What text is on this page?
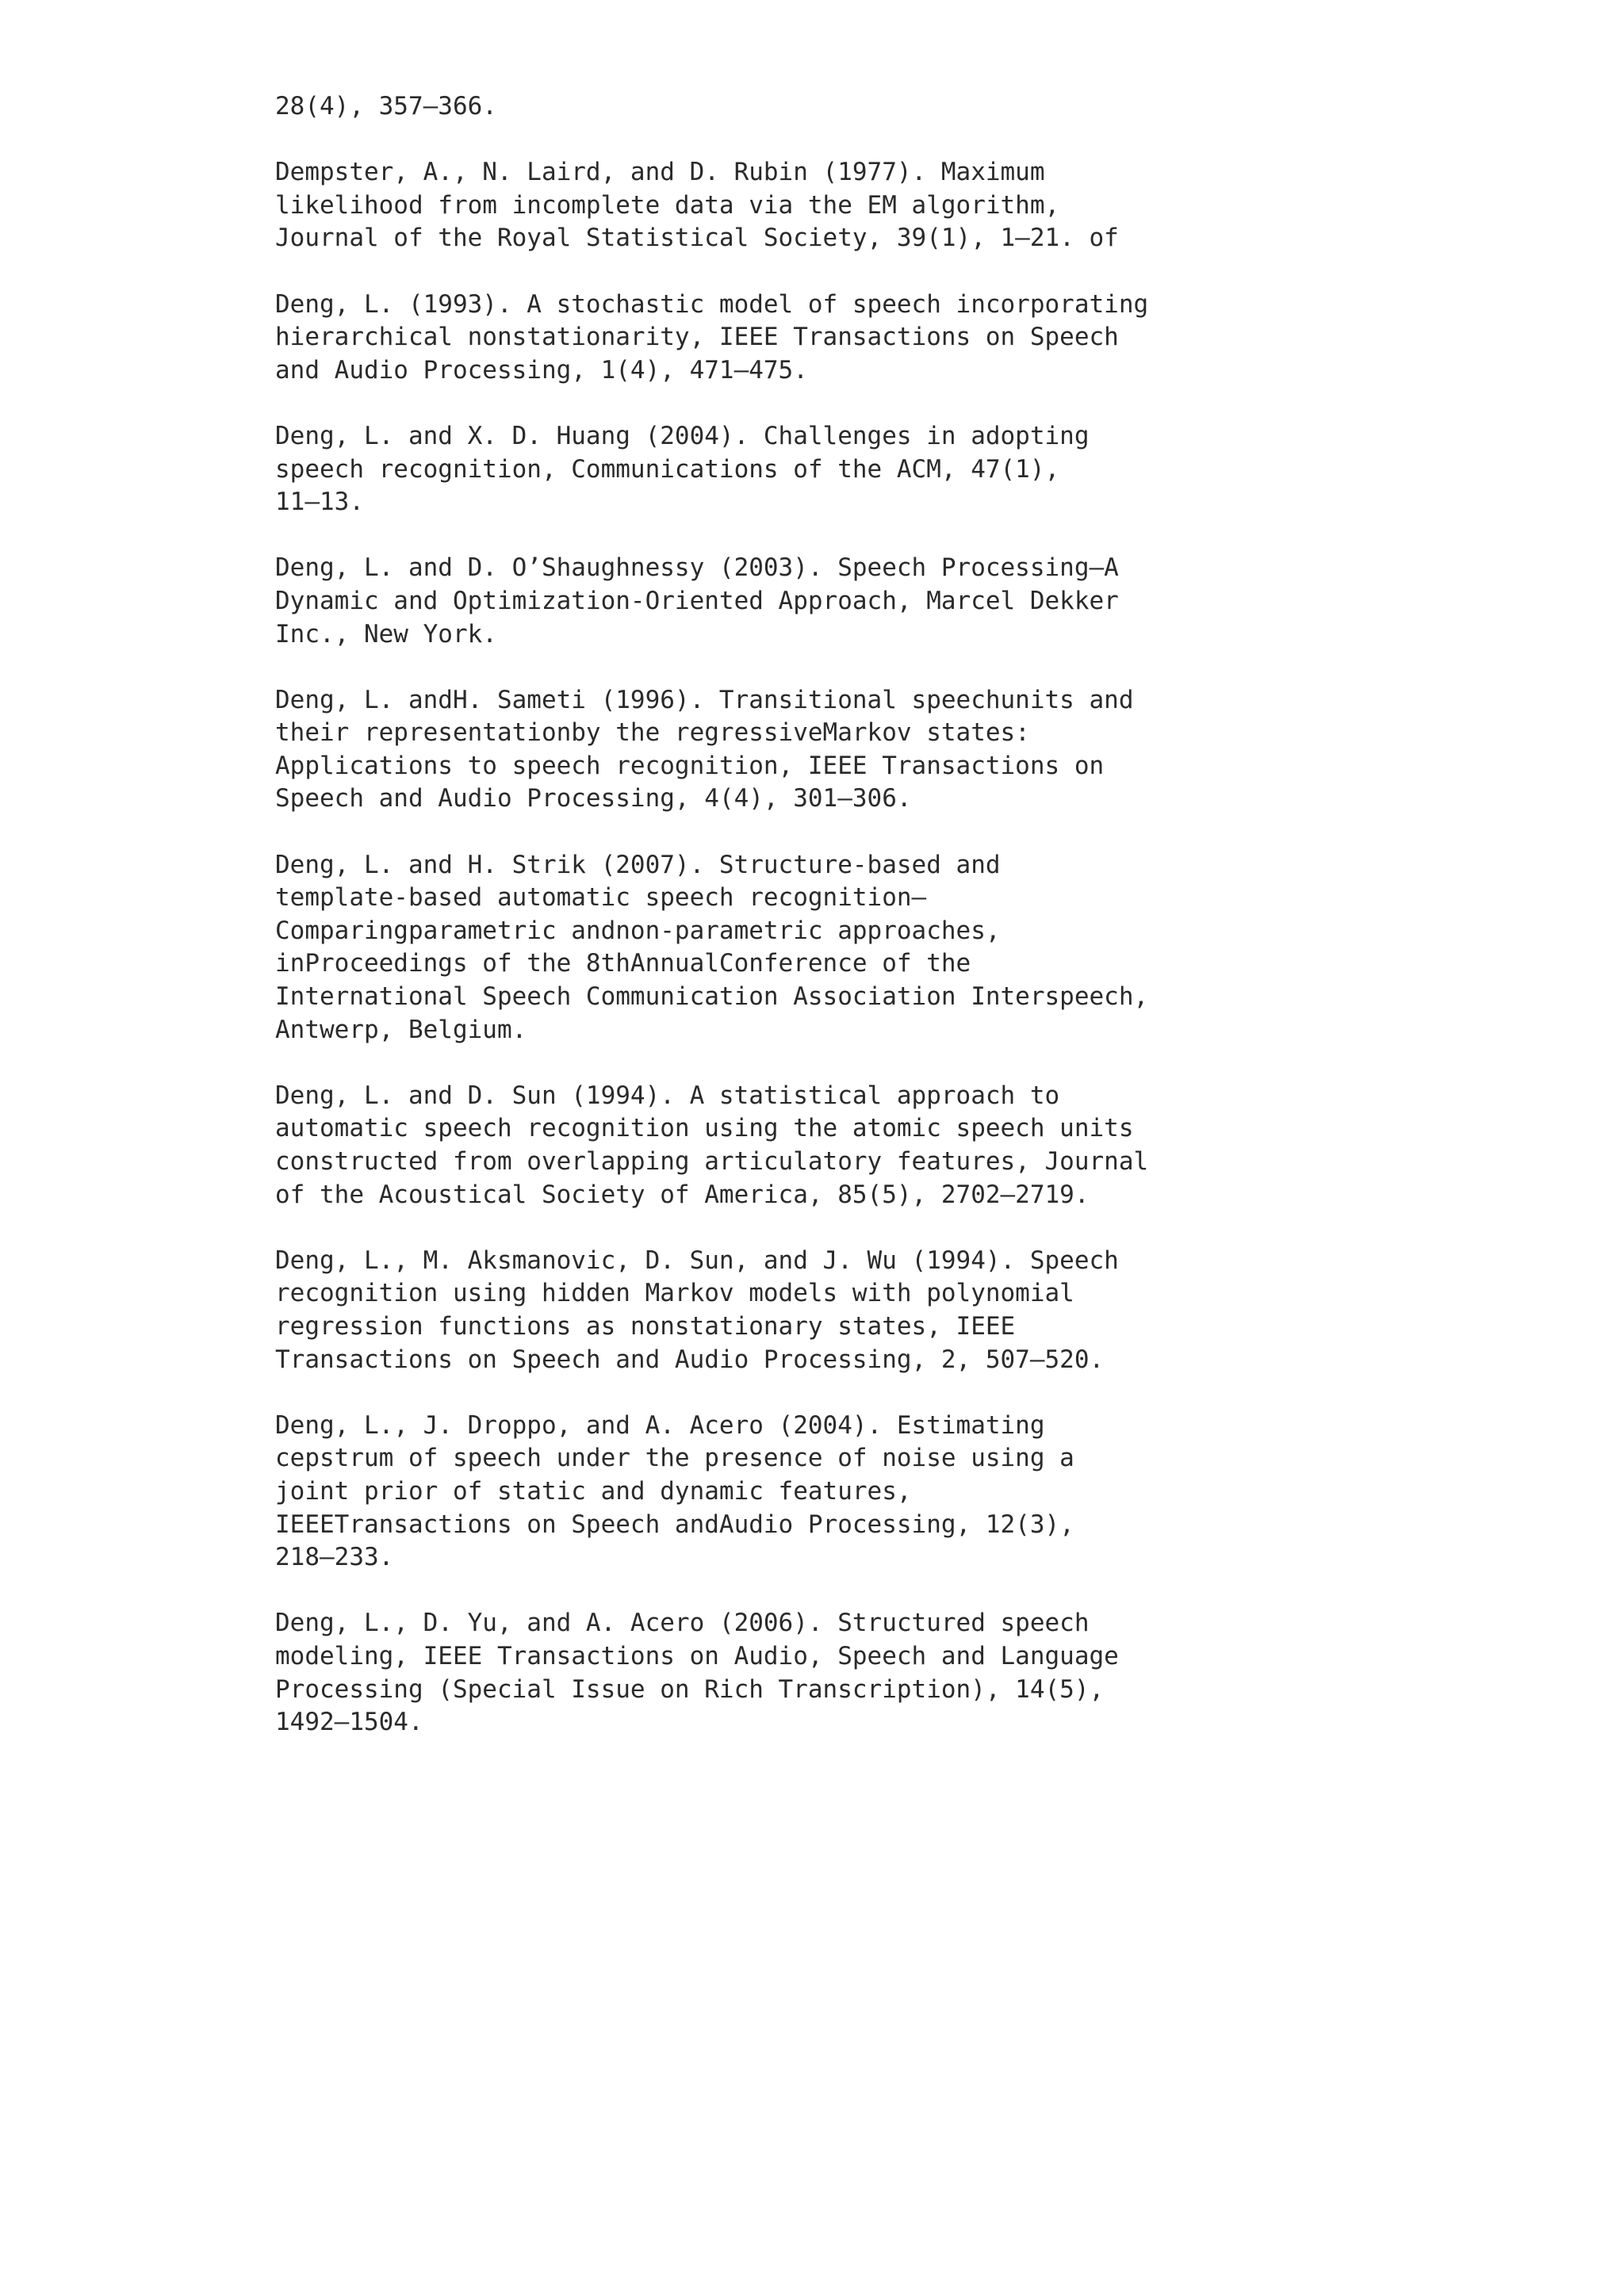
28(4), 357–366.
Dempster, A., N. Laird, and D. Rubin (1977). Maximum
likelihood from incomplete data via the EM algorithm,
Journal of the Royal Statistical Society, 39(1), 1–21. of
Deng, L. (1993). A stochastic model of speech incorporating
hierarchical nonstationarity, IEEE Transactions on Speech
and Audio Processing, 1(4), 471–475.
Deng, L. and X. D. Huang (2004). Challenges in adopting
speech recognition, Communications of the ACM, 47(1),
11–13.
Deng, L. and D. O’Shaughnessy (2003). Speech Processing—A
Dynamic and Optimization-Oriented Approach, Marcel Dekker
Inc., New York.
Deng, L. andH. Sameti (1996). Transitional speechunits and
their representationby the regressiveMarkov states:
Applications to speech recognition, IEEE Transactions on
Speech and Audio Processing, 4(4), 301–306.
Deng, L. and H. Strik (2007). Structure-based and
template-based automatic speech recognition—
Comparingparametric andnon-parametric approaches,
inProceedings of the 8thAnnualConference of the
International Speech Communication Association Interspeech,
Antwerp, Belgium.
Deng, L. and D. Sun (1994). A statistical approach to
automatic speech recognition using the atomic speech units
constructed from overlapping articulatory features, Journal
of the Acoustical Society of America, 85(5), 2702–2719.
Deng, L., M. Aksmanovic, D. Sun, and J. Wu (1994). Speech
recognition using hidden Markov models with polynomial
regression functions as nonstationary states, IEEE
Transactions on Speech and Audio Processing, 2, 507–520.
Deng, L., J. Droppo, and A. Acero (2004). Estimating
cepstrum of speech under the presence of noise using a
joint prior of static and dynamic features,
IEEETransactions on Speech andAudio Processing, 12(3),
218–233.
Deng, L., D. Yu, and A. Acero (2006). Structured speech
modeling, IEEE Transactions on Audio, Speech and Language
Processing (Special Issue on Rich Transcription), 14(5),
1492–1504.
